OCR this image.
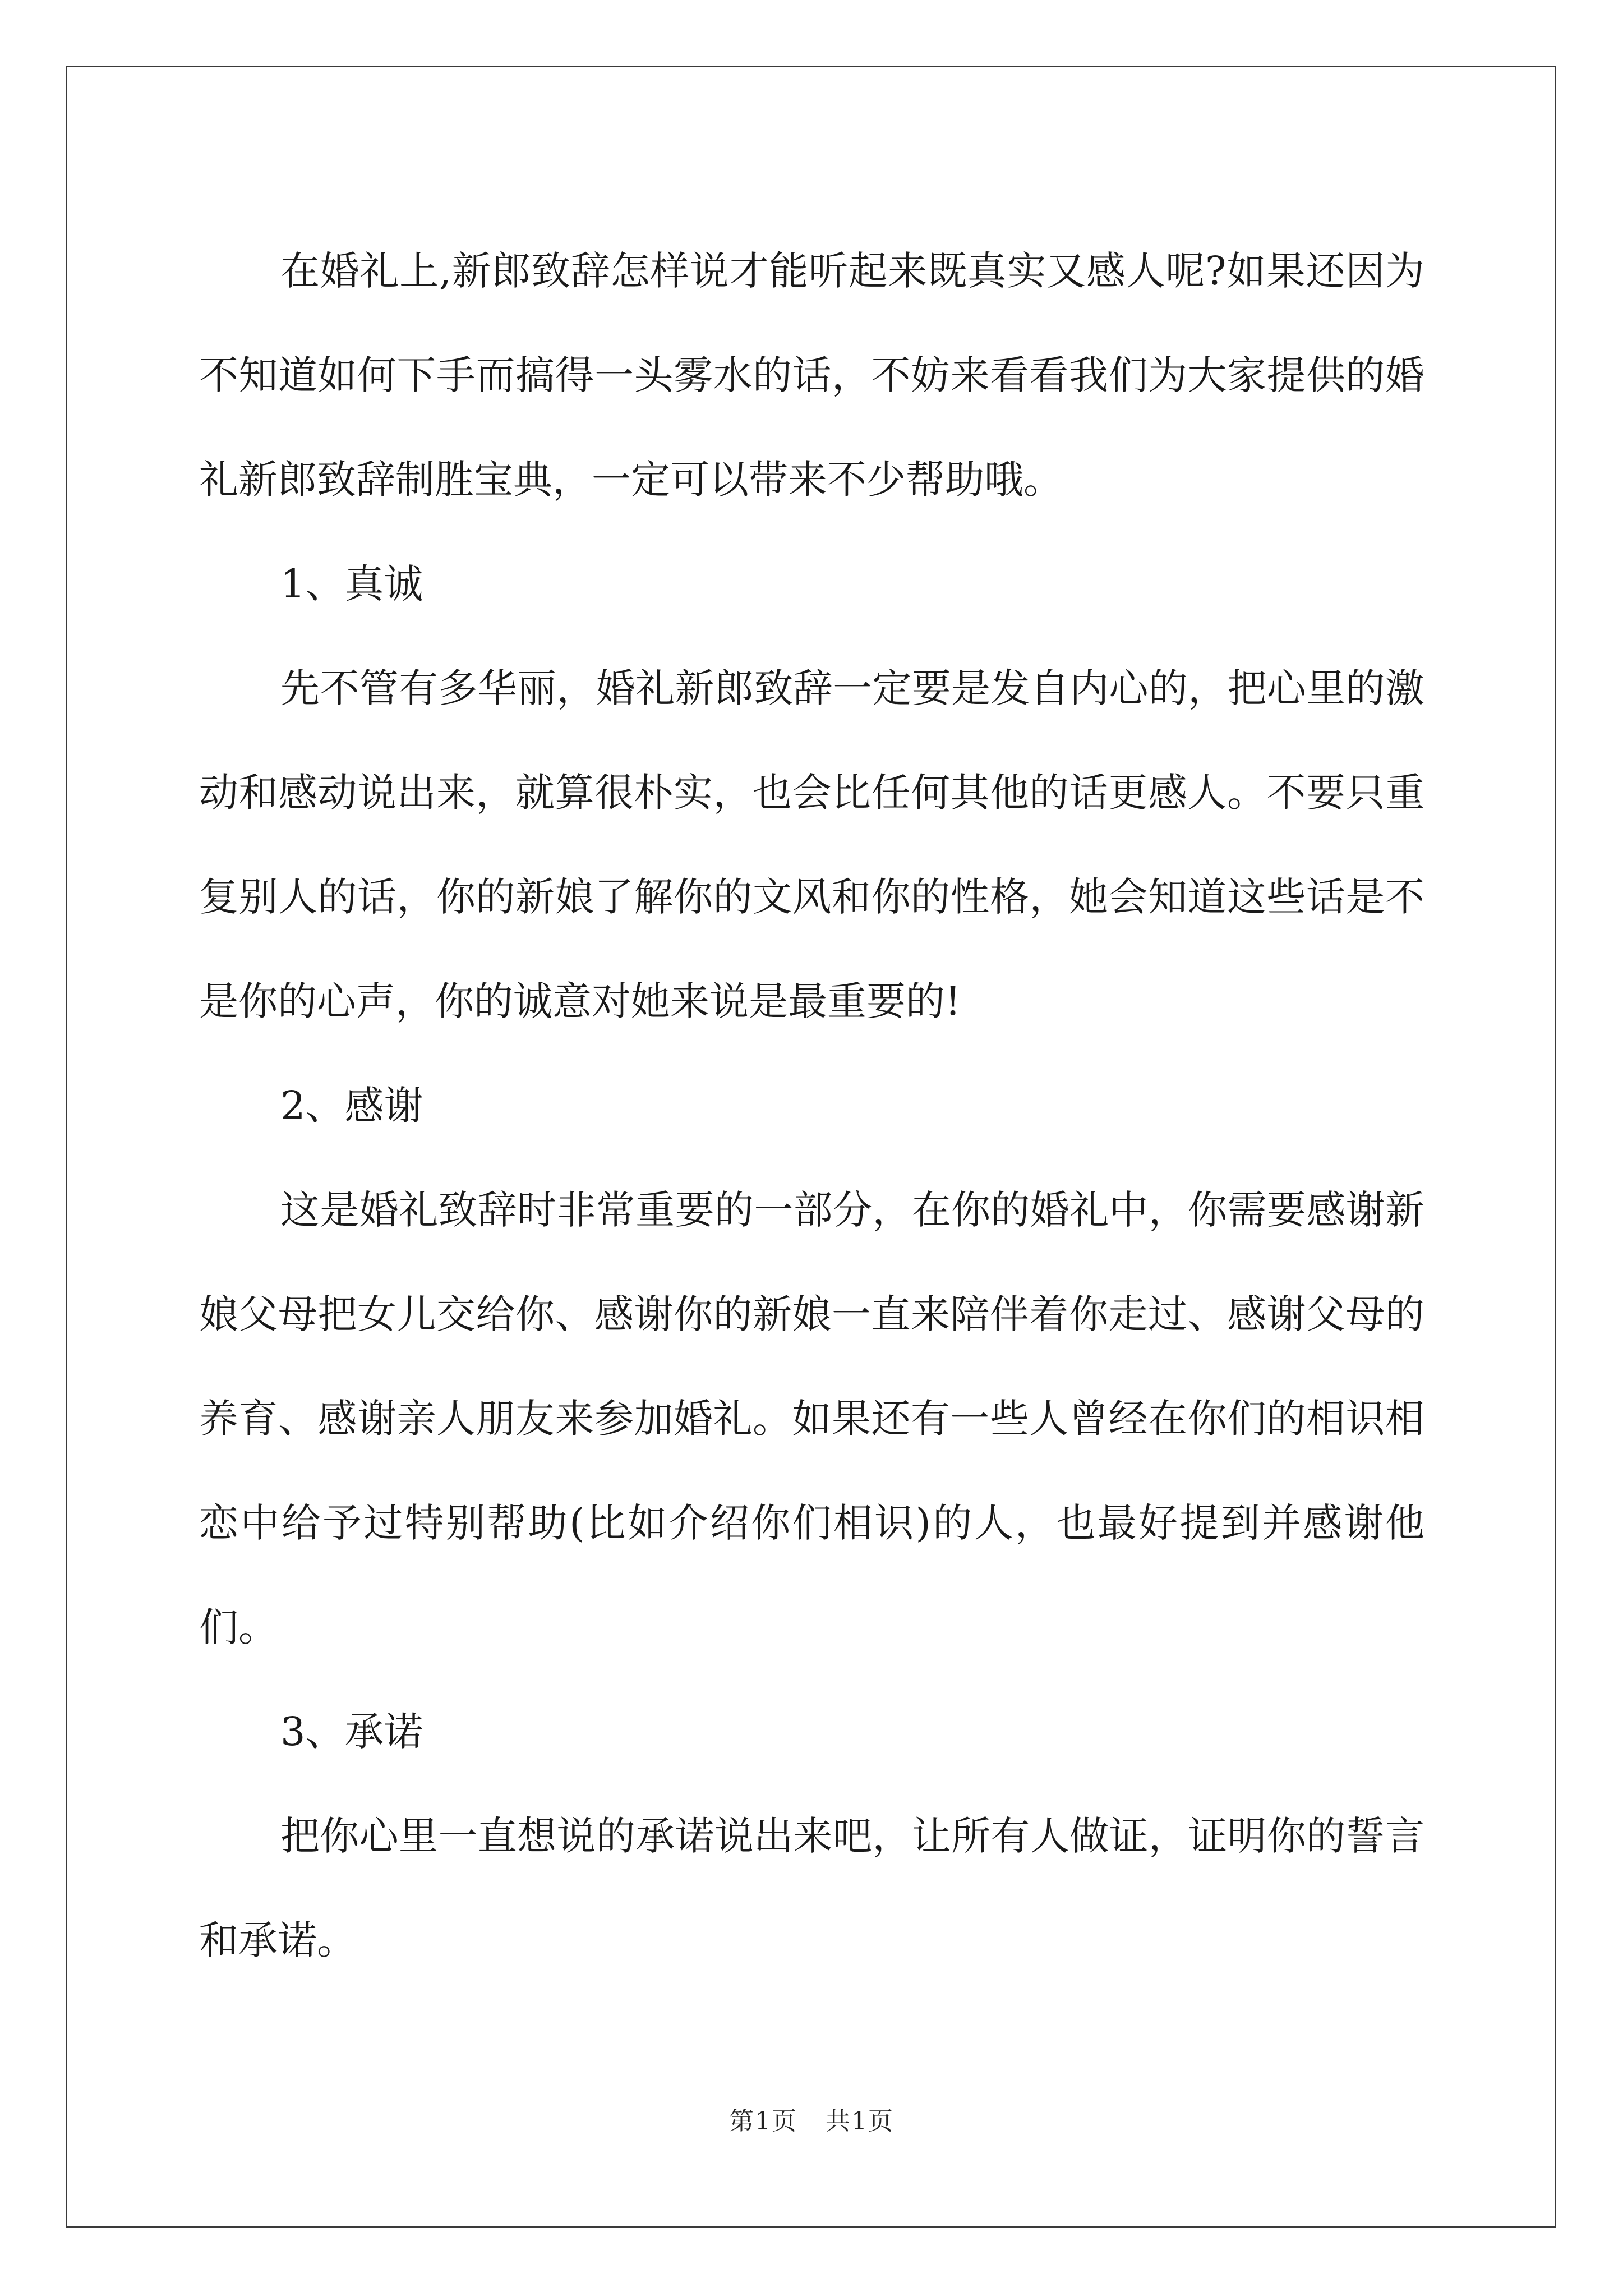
在婚礼上,新郎致辞怎样说才能听起来既真实又感人呢?如果还因为不知道如何下手而搞得一头雾水的话，不妨来看看我们为大家提供的婚礼新郎致辞制胜宝典，一定可以带来不少帮助哦。

1、真诚

先不管有多华丽，婚礼新郎致辞一定要是发自内心的，把心里的激动和感动说出来，就算很朴实，也会比任何其他的话更感人。不要只重复别人的话，你的新娘了解你的文风和你的性格，她会知道这些话是不是你的心声，你的诚意对她来说是最重要的!

2、感谢

这是婚礼致辞时非常重要的一部分，在你的婚礼中，你需要感谢新娘父母把女儿交给你、感谢你的新娘一直来陪伴着你走过、感谢父母的养育、感谢亲人朋友来参加婚礼。如果还有一些人曾经在你们的相识相恋中给予过特别帮助(比如介绍你们相识)的人，也最好提到并感谢他们。

3、承诺

把你心里一直想说的承诺说出来吧，让所有人做证，证明你的誓言和承诺。

第1页 共1页
